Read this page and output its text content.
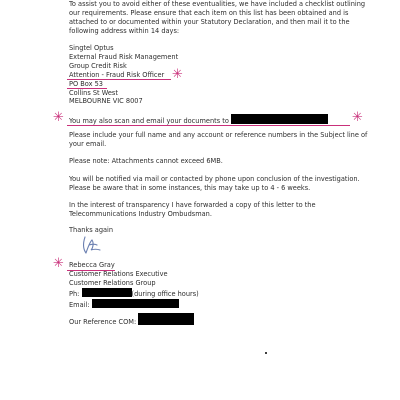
To assist you to avoid either of these eventualities, we have included a checklist outlining
our requirements. Please ensure that each item on this list has been obtained and is
attached to or documented within your Statutory Declaration, and then mail it to the
following address within 14 days:
Singtel Optus
External Fraud Risk Management
Group Credit Risk
Attention - Fraud Risk Officer
PO Box 53
Collins St West
MELBOURNE VIC 8007
✳
You may also scan and email your documents to
✳	✳
Please include your full name and any account or reference numbers in the Subject line of
your email.
Please note: Attachments cannot exceed 6MB.
You will be notified via mail or contacted by phone upon conclusion of the investigation.
Please be aware that in some instances, this may take up to 4 - 6 weeks.
In the interest of transparency I have forwarded a copy of this letter to the
Telecommunications Industry Ombudsman.
Thanks again
Rebecca Gray
Customer Relations Executive
Customer Relations Group
Ph:	(during office hours)
Email:
✳
Our Reference COM:
